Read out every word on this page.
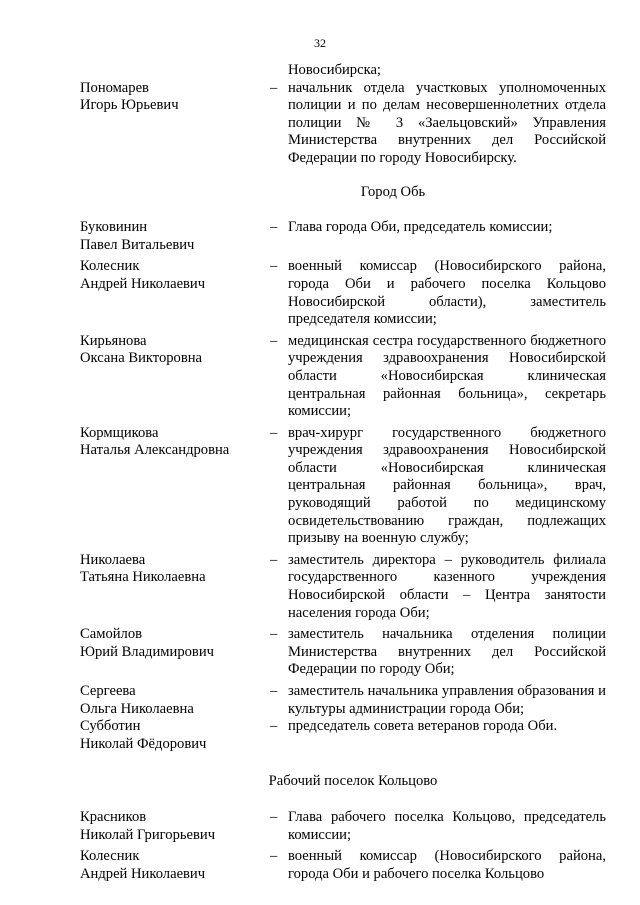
32
Новосибирска;
Пономарев
Игорь Юрьевич
– начальник отдела участковых уполномоченных полиции и по делам несовершеннолетних отдела полиции № 3 «Заельцовский» Управления Министерства внутренних дел Российской Федерации по городу Новосибирску.
Город Обь
Буковинин
Павел Витальевич
– Глава города Оби, председатель комиссии;
Колесник
Андрей Николаевич
– военный комиссар (Новосибирского района, города Оби и рабочего поселка Кольцово Новосибирской области), заместитель председателя комиссии;
Кирьянова
Оксана Викторовна
– медицинская сестра государственного бюджетного учреждения здравоохранения Новосибирской области «Новосибирская клиническая центральная районная больница», секретарь комиссии;
Кормщикова
Наталья Александровна
– врач-хирург государственного бюджетного учреждения здравоохранения Новосибирской области «Новосибирская клиническая центральная районная больница», врач, руководящий работой по медицинскому освидетельствованию граждан, подлежащих призыву на военную службу;
Николаева
Татьяна Николаевна
– заместитель директора – руководитель филиала государственного казенного учреждения Новосибирской области – Центра занятости населения города Оби;
Самойлов
Юрий Владимирович
– заместитель начальника отделения полиции Министерства внутренних дел Российской Федерации по городу Оби;
Сергеева
Ольга Николаевна
– заместитель начальника управления образования и культуры администрации города Оби;
Субботин
Николай Фёдорович
– председатель совета ветеранов города Оби.
Рабочий поселок Кольцово
Красников
Николай Григорьевич
– Глава рабочего поселка Кольцово, председатель комиссии;
Колесник
Андрей Николаевич
– военный комиссар (Новосибирского района, города Оби и рабочего поселка Кольцово
